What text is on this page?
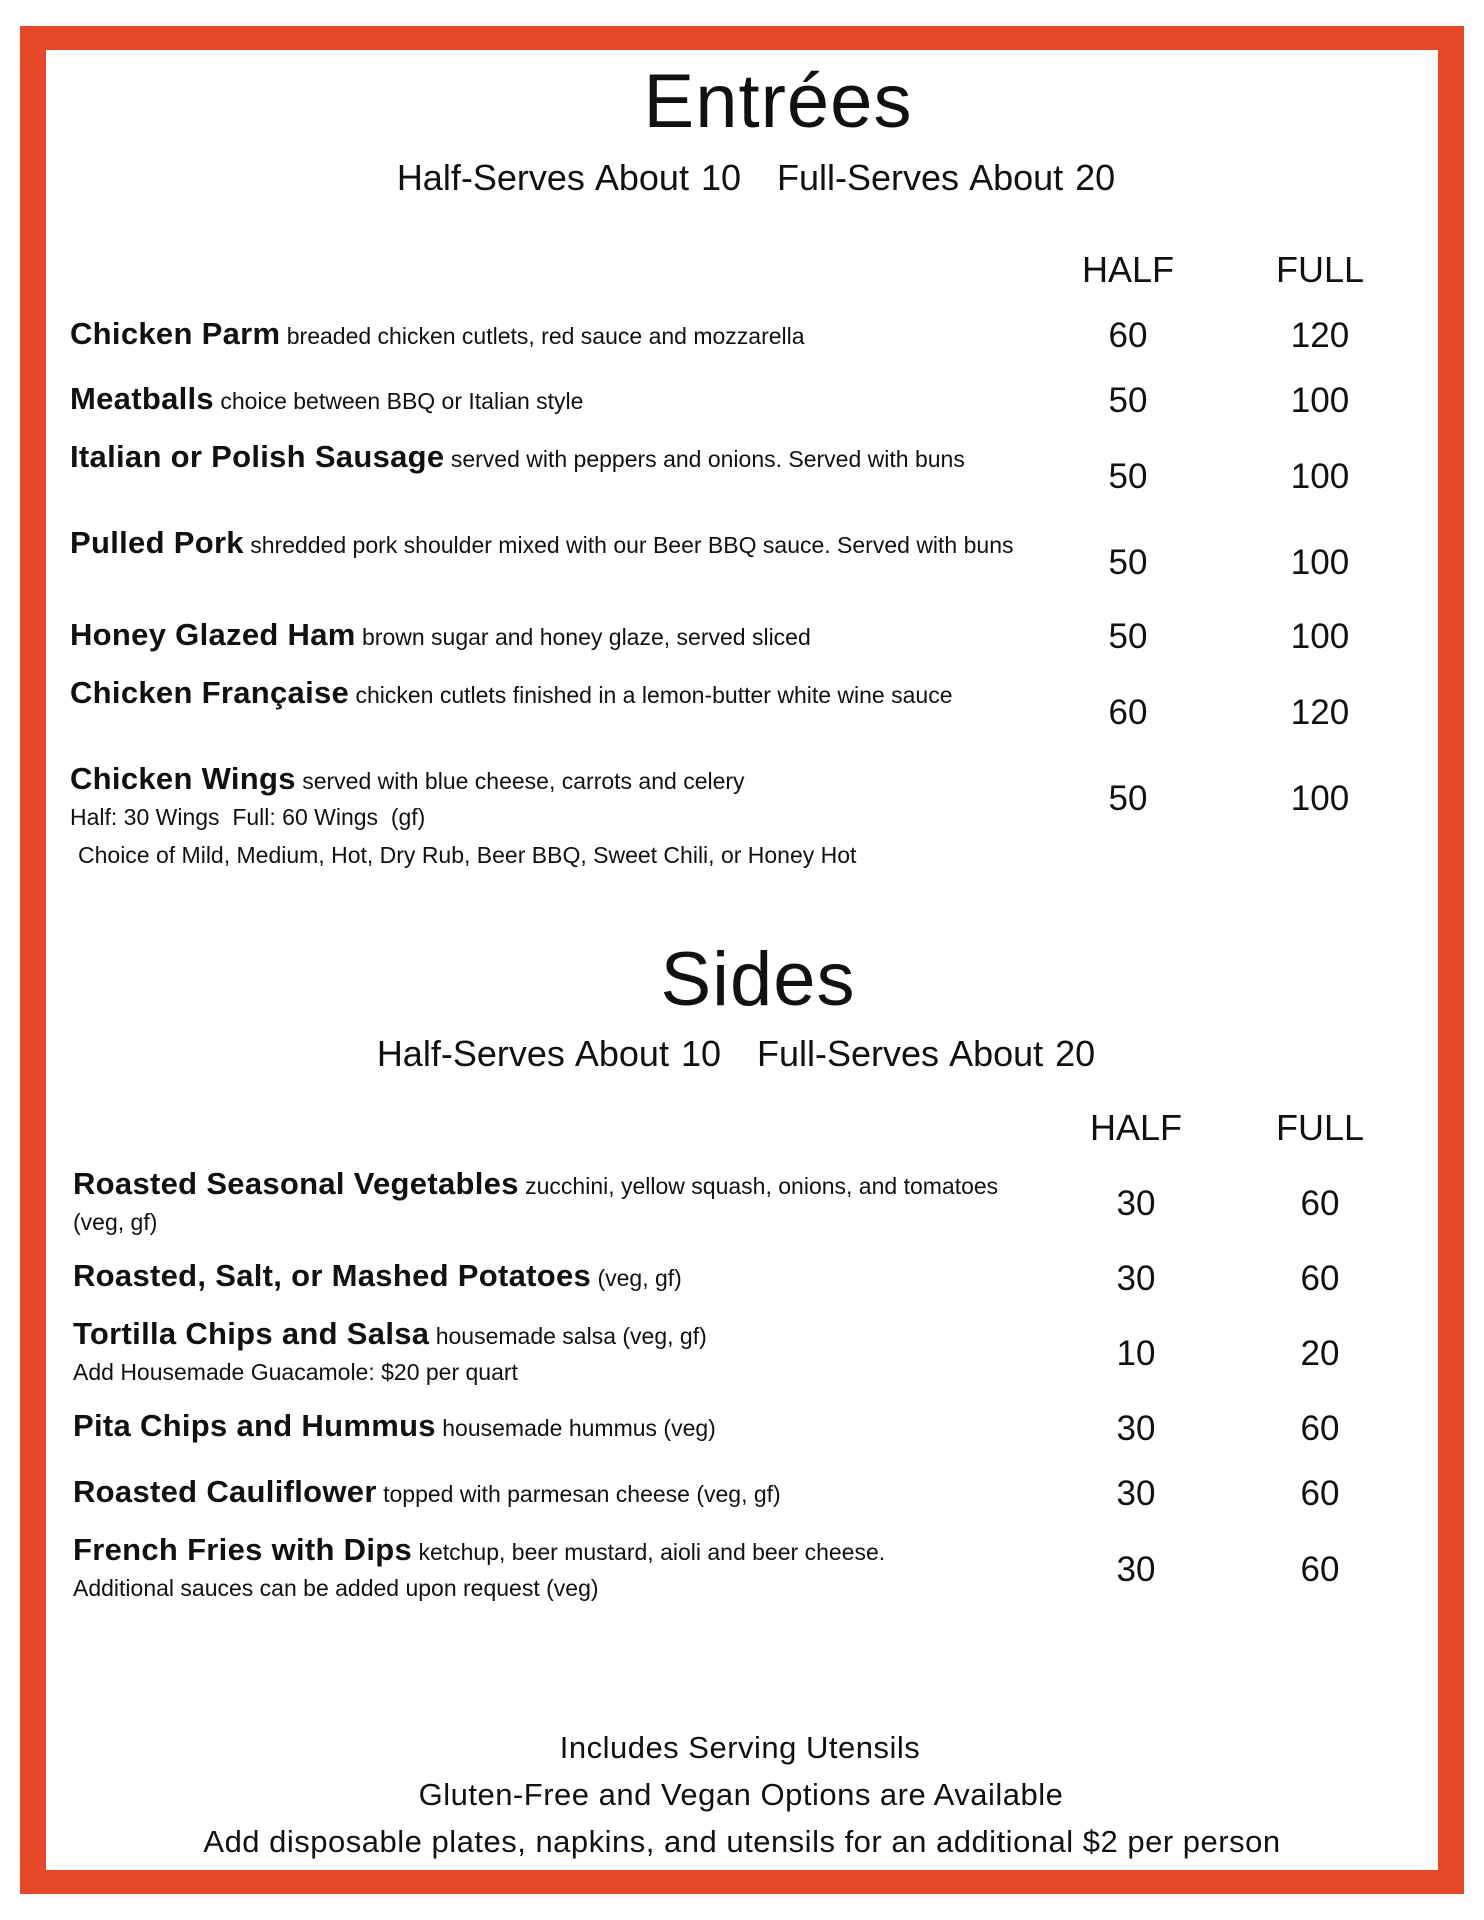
Entrées
Half-Serves About 10   Full-Serves About 20
HALF	FULL
Chicken Parm breaded chicken cutlets, red sauce and mozzarella	60	120
Meatballs choice between BBQ or Italian style	50	100
Italian or Polish Sausage served with peppers and onions. Served with buns	50	100
Pulled Pork shredded pork shoulder mixed with our Beer BBQ sauce. Served with buns	50	100
Honey Glazed Ham brown sugar and honey glaze, served sliced	50	100
Chicken Française chicken cutlets finished in a lemon-butter white wine sauce	60	120
Chicken Wings served with blue cheese, carrots and celery
Half: 30 Wings  Full: 60 Wings  (gf)
Choice of Mild, Medium, Hot, Dry Rub, Beer BBQ, Sweet Chili, or Honey Hot
50	100
Sides
Half-Serves About 10   Full-Serves About 20
HALF	FULL
Roasted Seasonal Vegetables zucchini, yellow squash, onions, and tomatoes (veg, gf)	30	60
Roasted, Salt, or Mashed Potatoes (veg, gf)	30	60
Tortilla Chips and Salsa housemade salsa (veg, gf)
Add Housemade Guacamole: $20 per quart	10	20
Pita Chips and Hummus housemade hummus (veg)	30	60
Roasted Cauliflower topped with parmesan cheese (veg, gf)	30	60
French Fries with Dips ketchup, beer mustard, aioli and beer cheese.
Additional sauces can be added upon request (veg)	30	60
Includes Serving Utensils
Gluten-Free and Vegan Options are Available
Add disposable plates, napkins, and utensils for an additional $2 per person
